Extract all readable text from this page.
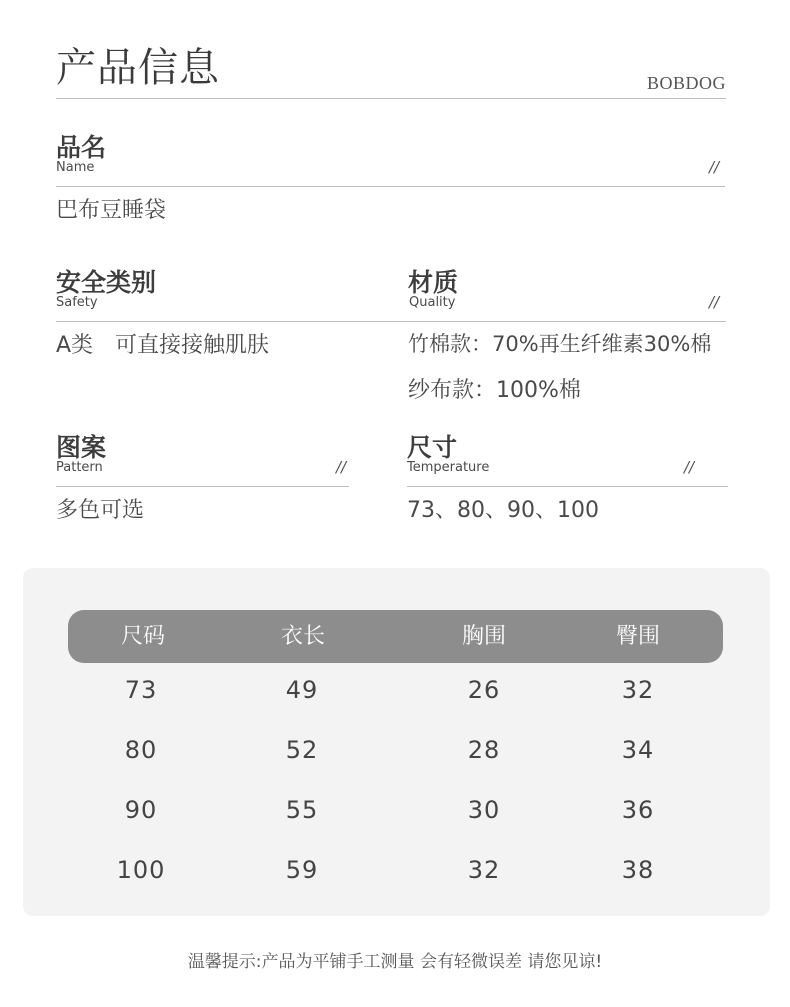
产品信息	BOBDOG
品名
Name	//
巴布豆睡袋
安全类别
Safety
A类　可直接接触肌肤
材质
Quality	//
竹棉款：70%再生纤维素30%棉
纱布款：100%棉
图案
Pattern	//
多色可选
尺寸
Temperature	//
73、80、90、100
尺码	衣长	胸围	臀围
73	49	26	32
80	52	28	34
90	55	30	36
100	59	32	38
温馨提示:产品为平铺手工测量 会有轻微误差 请您见谅!
